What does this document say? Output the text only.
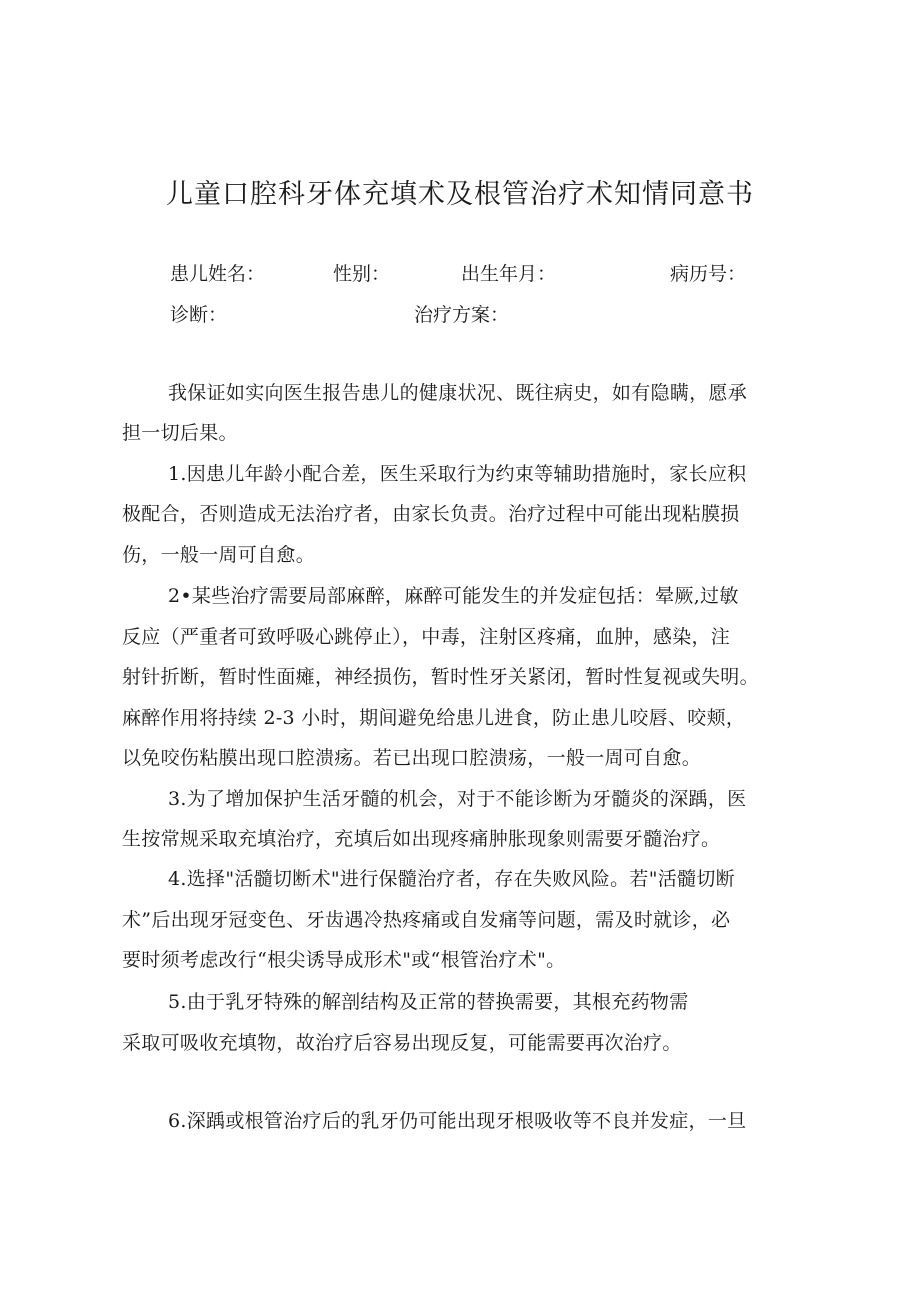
儿童口腔科牙体充填术及根管治疗术知情同意书
患儿姓名：	性别：	出生年月：	病历号：
诊断：	治疗方案：

我保证如实向医生报告患儿的健康状况、既往病史，如有隐瞒，愿承

担一切后果。

1.因患儿年龄小配合差，医生采取行为约束等辅助措施时，家长应积

极配合，否则造成无法治疗者，由家长负责。治疗过程中可能出现粘膜损

伤，一般一周可自愈。

2•某些治疗需要局部麻醉，麻醉可能发生的并发症包括：晕厥,过敏

反应（严重者可致呼吸心跳停止），中毒，注射区疼痛，血肿，感染，注

射针折断，暂时性面瘫，神经损伤，暂时性牙关紧闭，暂时性复视或失明。

麻醉作用将持续 2-3 小时，期间避免给患儿进食，防止患儿咬唇、咬颊，

以免咬伤粘膜出现口腔溃疡。若已出现口腔溃疡，一般一周可自愈。

3.为了增加保护生活牙髓的机会，对于不能诊断为牙髓炎的深踽，医

生按常规采取充填治疗，充填后如出现疼痛肿胀现象则需要牙髓治疗。

4.选择"活髓切断术"进行保髓治疗者，存在失败风险。若"活髓切断

术”后出现牙冠变色、牙齿遇冷热疼痛或自发痛等问题，需及时就诊，必

要时须考虑改行“根尖诱导成形术"或“根管治疗术"。

5.由于乳牙特殊的解剖结构及正常的替换需要，其根充药物需

采取可吸收充填物，故治疗后容易出现反复，可能需要再次治疗。

6.深踽或根管治疗后的乳牙仍可能出现牙根吸收等不良并发症，一旦
